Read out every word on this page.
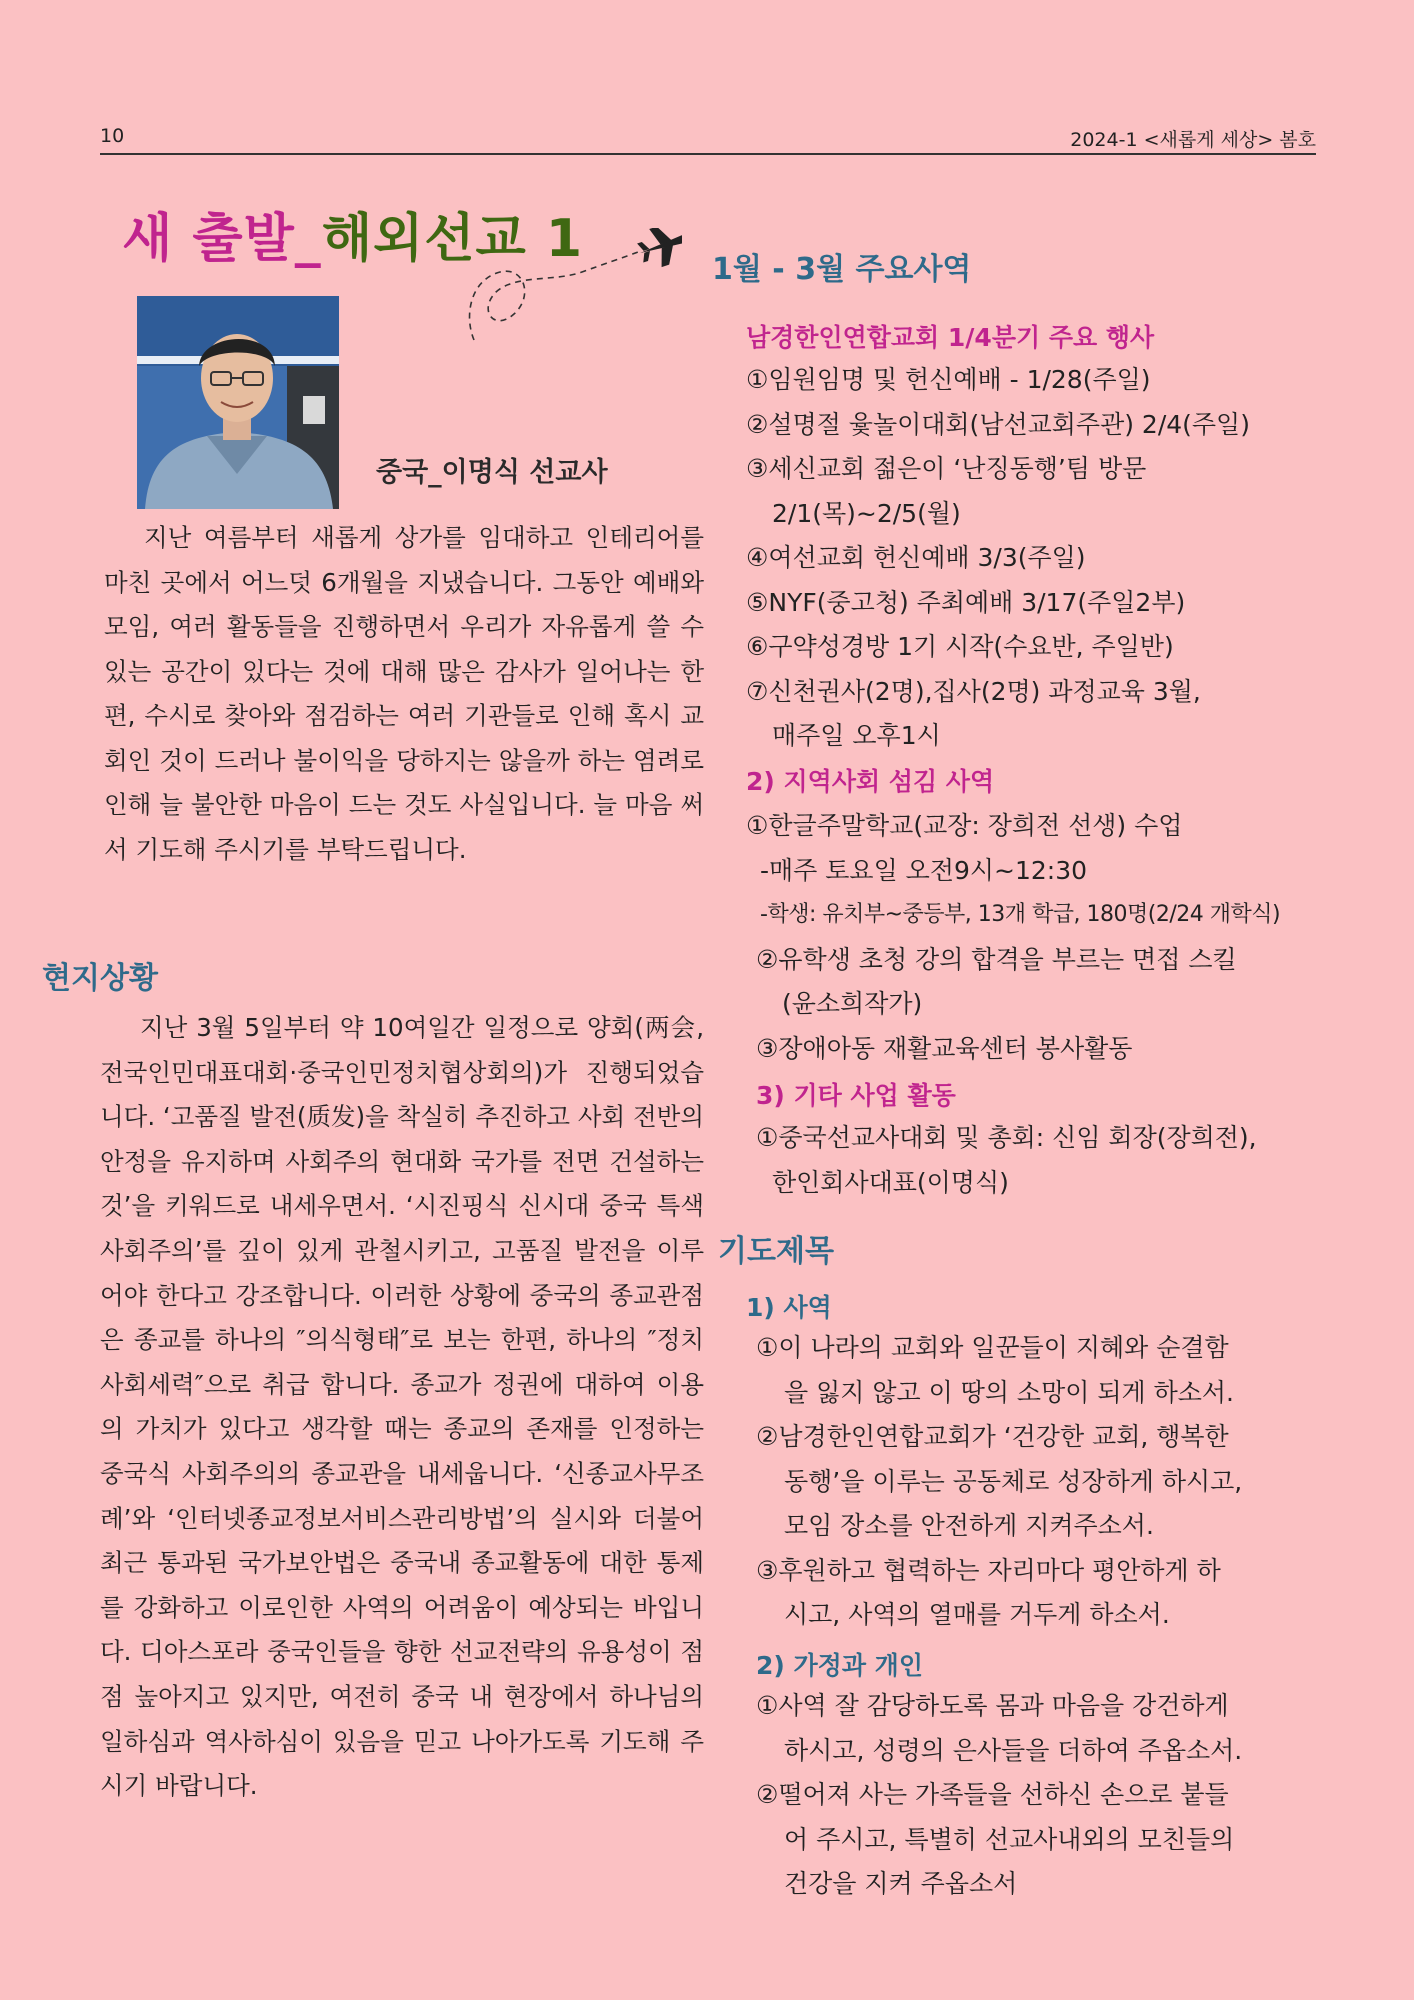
10	2024-1 <새롭게 세상> 봄호
새 출발_해외선교 1
중국_이명식 선교사

지난 여름부터 새롭게 상가를 임대하고 인테리어를 마친 곳에서 어느덧 6개월을 지냈습니다. 그동안 예배와 모임, 여러 활동들을 진행하면서 우리가 자유롭게 쓸 수 있는 공간이 있다는 것에 대해 많은 감사가 일어나는 한편, 수시로 찾아와 점검하는 여러 기관들로 인해 혹시 교회인 것이 드러나 불이익을 당하지는 않을까 하는 염려로 인해 늘 불안한 마음이 드는 것도 사실입니다. 늘 마음 써서 기도해 주시기를 부탁드립니다.

현지상황

지난 3월 5일부터 약 10여일간 일정으로 양회(两会, 전국인민대표대회·중국인민정치협상회의)가 진행되었습니다. ‘고품질 발전(质发)을 착실히 추진하고 사회 전반의 안정을 유지하며 사회주의 현대화 국가를 전면 건설하는 것’을 키워드로 내세우면서. ‘시진핑식 신시대 중국 특색 사회주의’를 깊이 있게 관철시키고, 고품질 발전을 이루어야 한다고 강조합니다. 이러한 상황에 중국의 종교관점은 종교를 하나의 ″의식형태″로 보는 한편, 하나의 ″정치사회세력″으로 취급 합니다. 종교가 정권에 대하여 이용의 가치가 있다고 생각할 때는 종교의 존재를 인정하는 중국식 사회주의의 종교관을 내세웁니다. ‘신종교사무조례’와 ‘인터넷종교정보서비스관리방법’의 실시와 더불어 최근 통과된 국가보안법은 중국내 종교활동에 대한 통제를 강화하고 이로인한 사역의 어려움이 예상되는 바입니다. 디아스포라 중국인들을 향한 선교전략의 유용성이 점점 높아지고 있지만, 여전히 중국 내 현장에서 하나님의 일하심과 역사하심이 있음을 믿고 나아가도록 기도해 주시기 바랍니다.

1월 - 3월 주요사역
남경한인연합교회 1/4분기 주요 행사
①임원임명 및 헌신예배 - 1/28(주일)
②설명절 윷놀이대회(남선교회주관) 2/4(주일)
③세신교회 젊은이 ‘난징동행’팀 방문
2/1(목)~2/5(월)
④여선교회 헌신예배 3/3(주일)
⑤NYF(중고청) 주최예배 3/17(주일2부)
⑥구약성경방 1기 시작(수요반, 주일반)
⑦신천권사(2명),집사(2명) 과정교육 3월,
매주일 오후1시
2) 지역사회 섬김 사역
①한글주말학교(교장: 장희전 선생) 수업
-매주 토요일 오전9시~12:30
-학생: 유치부~중등부, 13개 학급, 180명(2/24 개학식)
②유학생 초청 강의 합격을 부르는 면접 스킬
(윤소희작가)
③장애아동 재활교육센터 봉사활동
3) 기타 사업 활동
①중국선교사대회 및 총회: 신임 회장(장희전),
한인회사대표(이명식)
기도제목
1) 사역
①이 나라의 교회와 일꾼들이 지혜와 순결함
을 잃지 않고 이 땅의 소망이 되게 하소서.
②남경한인연합교회가 ‘건강한 교회, 행복한
동행’을 이루는 공동체로 성장하게 하시고,
모임 장소를 안전하게 지켜주소서.
③후원하고 협력하는 자리마다 평안하게 하
시고, 사역의 열매를 거두게 하소서.
2) 가정과 개인
①사역 잘 감당하도록 몸과 마음을 강건하게
하시고, 성령의 은사들을 더하여 주옵소서.
②떨어져 사는 가족들을 선하신 손으로 붙들
어 주시고, 특별히 선교사내외의 모친들의
건강을 지켜 주옵소서
